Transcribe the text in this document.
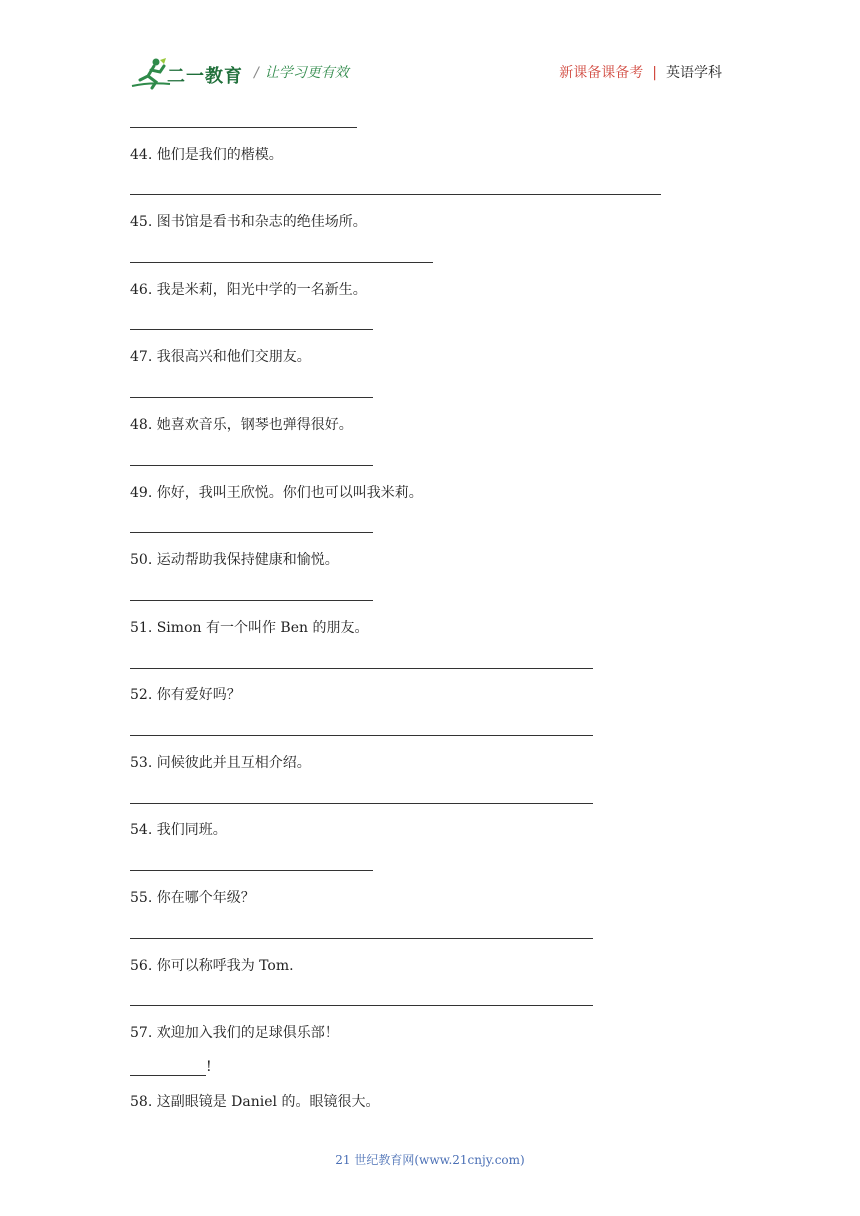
二一教育 / 让学习更有效	新课备课备考 | 英语学科
44. 他们是我们的楷模。
45. 图书馆是看书和杂志的绝佳场所。
46. 我是米莉，阳光中学的一名新生。
47. 我很高兴和他们交朋友。
48. 她喜欢音乐，钢琴也弹得很好。
49. 你好，我叫王欣悦。你们也可以叫我米莉。
50. 运动帮助我保持健康和愉悦。
51. Simon 有一个叫作 Ben 的朋友。
52. 你有爱好吗？
53. 问候彼此并且互相介绍。
54. 我们同班。
55. 你在哪个年级？
56. 你可以称呼我为 Tom.
57. 欢迎加入我们的足球俱乐部！
!
58. 这副眼镜是 Daniel 的。眼镜很大。
21 世纪教育网(www.21cnjy.com)
